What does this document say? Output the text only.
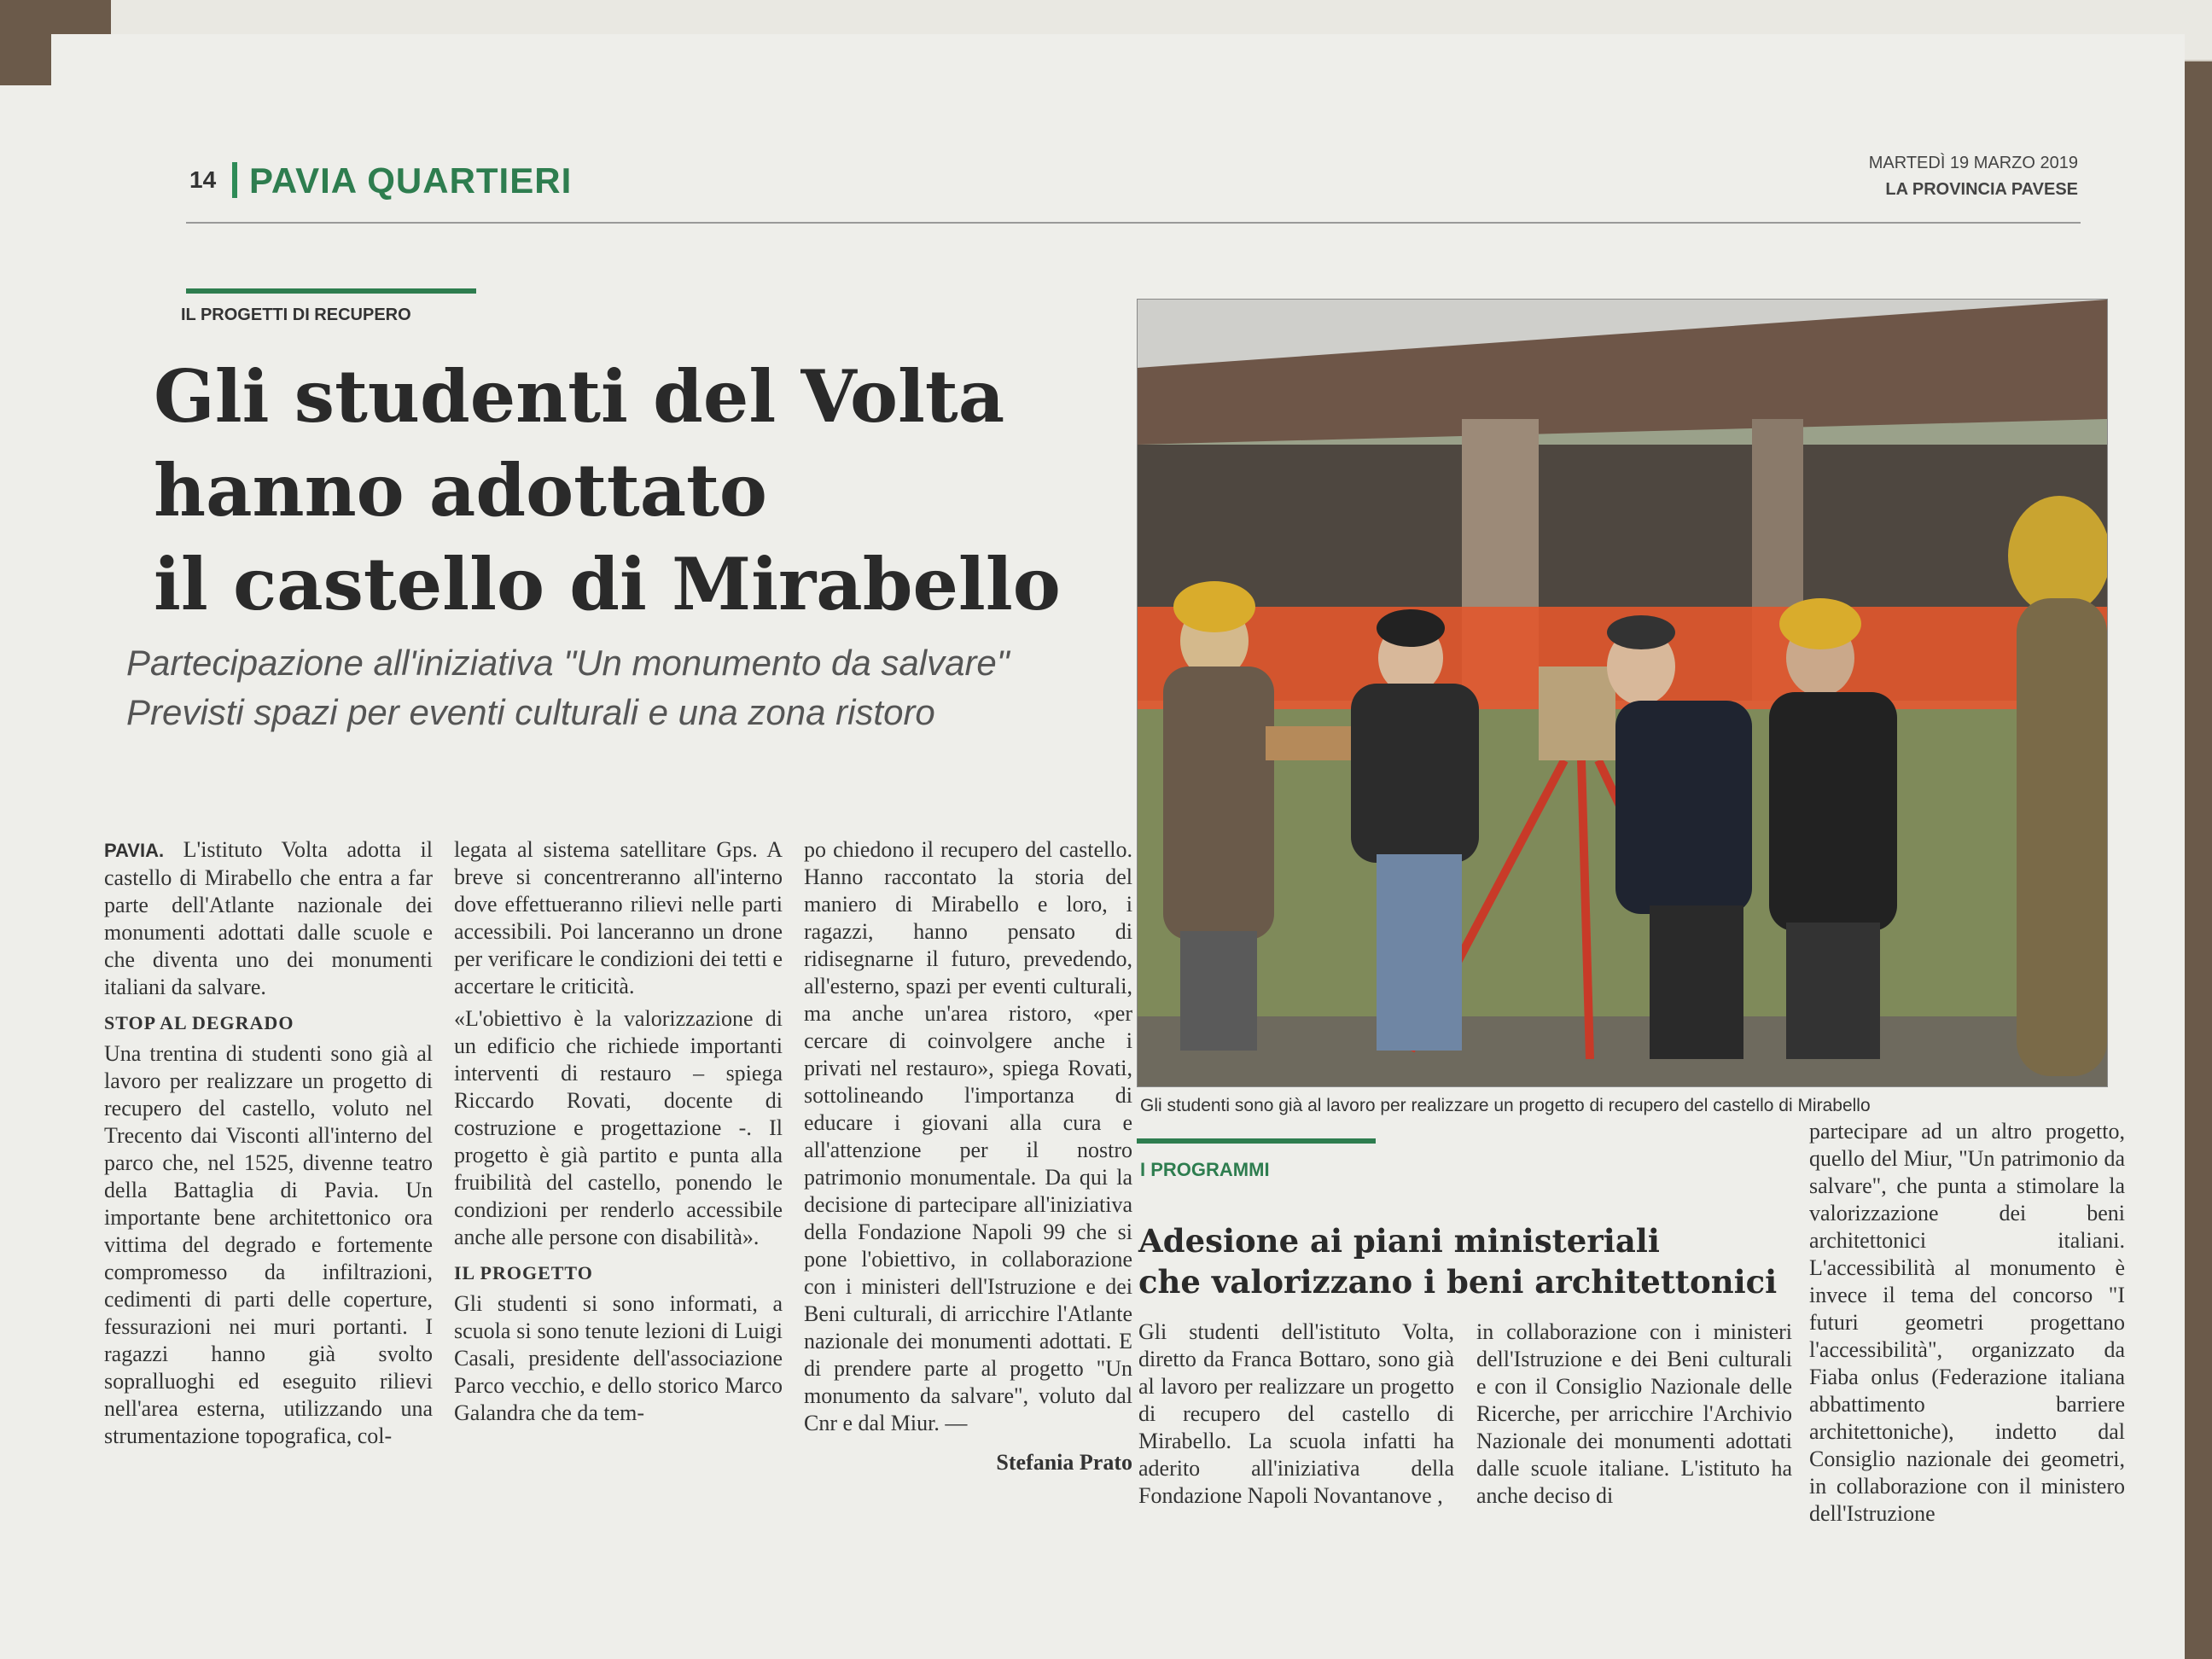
14 PAVIA QUARTIERI	MARTEDÌ 19 MARZO 2019
LA PROVINCIA PAVESE
IL PROGETTI DI RECUPERO
Gli studenti del Volta
hanno adottato
il castello di Mirabello
Partecipazione all'iniziativa "Un monumento da salvare"
Previsti spazi per eventi culturali e una zona ristoro

PAVIA. L'istituto Volta adotta il castello di Mirabello che entra a far parte dell'Atlante nazionale dei monumenti adottati dalle scuole e che diventa uno dei monumenti italiani da salvare.

STOP AL DEGRADO

Una trentina di studenti sono già al lavoro per realizzare un progetto di recupero del castello, voluto nel Trecento dai Visconti all'interno del parco che, nel 1525, divenne teatro della Battaglia di Pavia. Un importante bene architettonico ora vittima del degrado e fortemente compromesso da infiltrazioni, cedimenti di parti delle coperture, fessurazioni nei muri portanti. I ragazzi hanno già svolto sopralluoghi ed eseguito rilievi nell'area esterna, utilizzando una strumentazione topografica, col-

legata al sistema satellitare Gps. A breve si concentreranno all'interno dove effettueranno rilievi nelle parti accessibili. Poi lanceranno un drone per verificare le condizioni dei tetti e accertare le criticità.

«L'obiettivo è la valorizzazione di un edificio che richiede importanti interventi di restauro – spiega Riccardo Rovati, docente di costruzione e progettazione -. Il progetto è già partito e punta alla fruibilità del castello, ponendo le condizioni per renderlo accessibile anche alle persone con disabilità».

IL PROGETTO

Gli studenti si sono informati, a scuola si sono tenute lezioni di Luigi Casali, presidente dell'associazione Parco vecchio, e dello storico Marco Galandra che da tem-

po chiedono il recupero del castello. Hanno raccontato la storia del maniero di Mirabello e loro, i ragazzi, hanno pensato di ridisegnarne il futuro, prevedendo, all'esterno, spazi per eventi culturali, ma anche un'area ristoro, «per cercare di coinvolgere anche i privati nel restauro», spiega Rovati, sottolineando l'importanza di educare i giovani alla cura e all'attenzione per il nostro patrimonio monumentale. Da qui la decisione di partecipare all'iniziativa della Fondazione Napoli 99 che si pone l'obiettivo, in collaborazione con i ministeri dell'Istruzione e dei Beni culturali, di arricchire l'Atlante nazionale dei monumenti adottati. E di prendere parte al progetto "Un monumento da salvare", voluto dal Cnr e dal Miur. —

Stefania Prato
Gli studenti sono già al lavoro per realizzare un progetto di recupero del castello di Mirabello
I PROGRAMMI
Adesione ai piani ministeriali
che valorizzano i beni architettonici
Gli studenti dell'istituto Volta, diretto da Franca Bottaro, sono già al lavoro per realizzare un progetto di recupero del castello di Mirabello. La scuola infatti ha aderito all'iniziativa della Fondazione Napoli Novantanove ,
in collaborazione con i ministeri dell'Istruzione e dei Beni culturali e con il Consiglio Nazionale delle Ricerche, per arricchire l'Archivio Nazionale dei monumenti adottati dalle scuole italiane. L'istituto ha anche deciso di
partecipare ad un altro progetto, quello del Miur, "Un patrimonio da salvare", che punta a stimolare la valorizzazione dei beni architettonici italiani. L'accessibilità al monumento è invece il tema del concorso "I futuri geometri progettano l'accessibilità", organizzato da Fiaba onlus (Federazione italiana abbattimento barriere architettoniche), indetto dal Consiglio nazionale dei geometri, in collaborazione con il ministero dell'Istruzione
